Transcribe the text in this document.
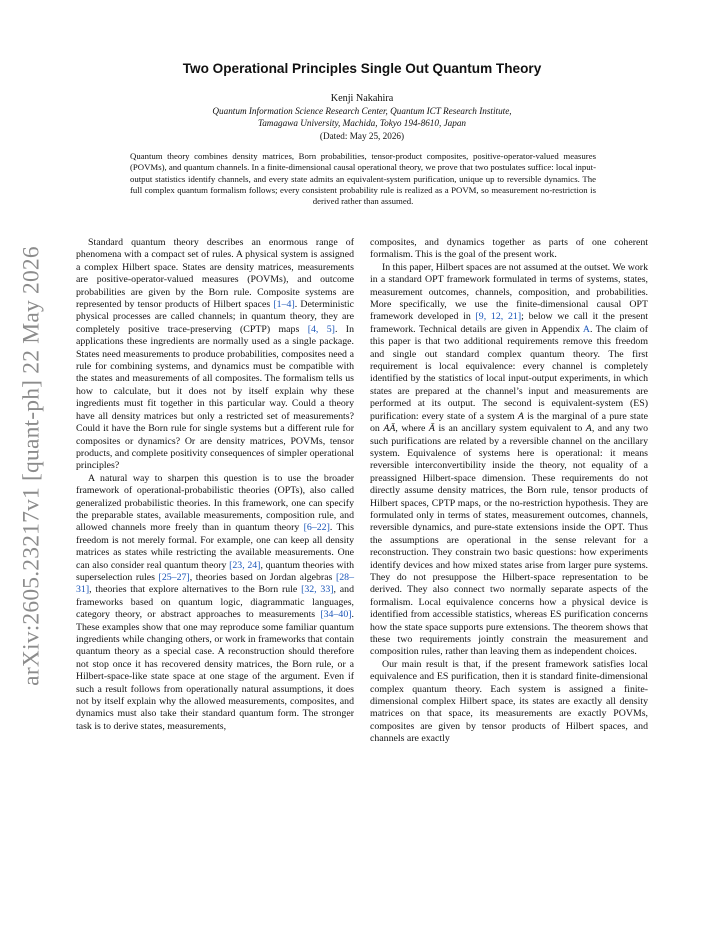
arXiv:2605.23217v1 [quant-ph] 22 May 2026
Two Operational Principles Single Out Quantum Theory
Kenji Nakahira
Quantum Information Science Research Center, Quantum ICT Research Institute,
Tamagawa University, Machida, Tokyo 194-8610, Japan
(Dated: May 25, 2026)
Quantum theory combines density matrices, Born probabilities, tensor-product composites, positive-operator-valued measures (POVMs), and quantum channels. In a finite-dimensional causal operational theory, we prove that two postulates suffice: local input-output statistics identify channels, and every state admits an equivalent-system purification, unique up to reversible dynamics. The full complex quantum formalism follows; every consistent probability rule is realized as a POVM, so measurement no-restriction is derived rather than assumed.

Standard quantum theory describes an enormous range of phenomena with a compact set of rules. A physical system is assigned a complex Hilbert space. States are density matrices, measurements are positive-operator-valued measures (POVMs), and outcome probabilities are given by the Born rule. Composite systems are represented by tensor products of Hilbert spaces [1–4]. Deterministic physical processes are called channels; in quantum theory, they are completely positive trace-preserving (CPTP) maps [4, 5]. In applications these ingredients are normally used as a single package. States need measurements to produce probabilities, composites need a rule for combining systems, and dynamics must be compatible with the states and measurements of all composites. The formalism tells us how to calculate, but it does not by itself explain why these ingredients must fit together in this particular way. Could a theory have all density matrices but only a restricted set of measurements? Could it have the Born rule for single systems but a different rule for composites or dynamics? Or are density matrices, POVMs, tensor products, and complete positivity consequences of simpler operational principles?

A natural way to sharpen this question is to use the broader framework of operational-probabilistic theories (OPTs), also called generalized probabilistic theories. In this framework, one can specify the preparable states, available measurements, composition rule, and allowed channels more freely than in quantum theory [6–22]. This freedom is not merely formal. For example, one can keep all density matrices as states while restricting the available measurements. One can also consider real quantum theory [23, 24], quantum theories with superselection rules [25–27], theories based on Jordan algebras [28–31], theories that explore alternatives to the Born rule [32, 33], and frameworks based on quantum logic, diagrammatic languages, category theory, or abstract approaches to measurements [34–40]. These examples show that one may reproduce some familiar quantum ingredients while changing others, or work in frameworks that contain quantum theory as a special case. A reconstruction should therefore not stop once it has recovered density matrices, the Born rule, or a Hilbert-space-like state space at one stage of the argument. Even if such a result follows from operationally natural assumptions, it does not by itself explain why the allowed measurements, composites, and dynamics must also take their standard quantum form. The stronger task is to derive states, measurements,

composites, and dynamics together as parts of one coherent formalism. This is the goal of the present work.

In this paper, Hilbert spaces are not assumed at the outset. We work in a standard OPT framework formulated in terms of systems, states, measurement outcomes, channels, composition, and probabilities. More specifically, we use the finite-dimensional causal OPT framework developed in [9, 12, 21]; below we call it the present framework. Technical details are given in Appendix A. The claim of this paper is that two additional requirements remove this freedom and single out standard complex quantum theory. The first requirement is local equivalence: every channel is completely identified by the statistics of local input-output experiments, in which states are prepared at the channel’s input and measurements are performed at its output. The second is equivalent-system (ES) purification: every state of a system A is the marginal of a pure state on AĀ, where Ā is an ancillary system equivalent to A, and any two such purifications are related by a reversible channel on the ancillary system. Equivalence of systems here is operational: it means reversible interconvertibility inside the theory, not equality of a preassigned Hilbert-space dimension. These requirements do not directly assume density matrices, the Born rule, tensor products of Hilbert spaces, CPTP maps, or the no-restriction hypothesis. They are formulated only in terms of states, measurement outcomes, channels, reversible dynamics, and pure-state extensions inside the OPT. Thus the assumptions are operational in the sense relevant for a reconstruction. They constrain two basic questions: how experiments identify devices and how mixed states arise from larger pure systems. They do not presuppose the Hilbert-space representation to be derived. They also connect two normally separate aspects of the formalism. Local equivalence concerns how a physical device is identified from accessible statistics, whereas ES purification concerns how the state space supports pure extensions. The theorem shows that these two requirements jointly constrain the measurement and composition rules, rather than leaving them as independent choices.

Our main result is that, if the present framework satisfies local equivalence and ES purification, then it is standard finite-dimensional complex quantum theory. Each system is assigned a finite-dimensional complex Hilbert space, its states are exactly all density matrices on that space, its measurements are exactly POVMs, composites are given by tensor products of Hilbert spaces, and channels are exactly
